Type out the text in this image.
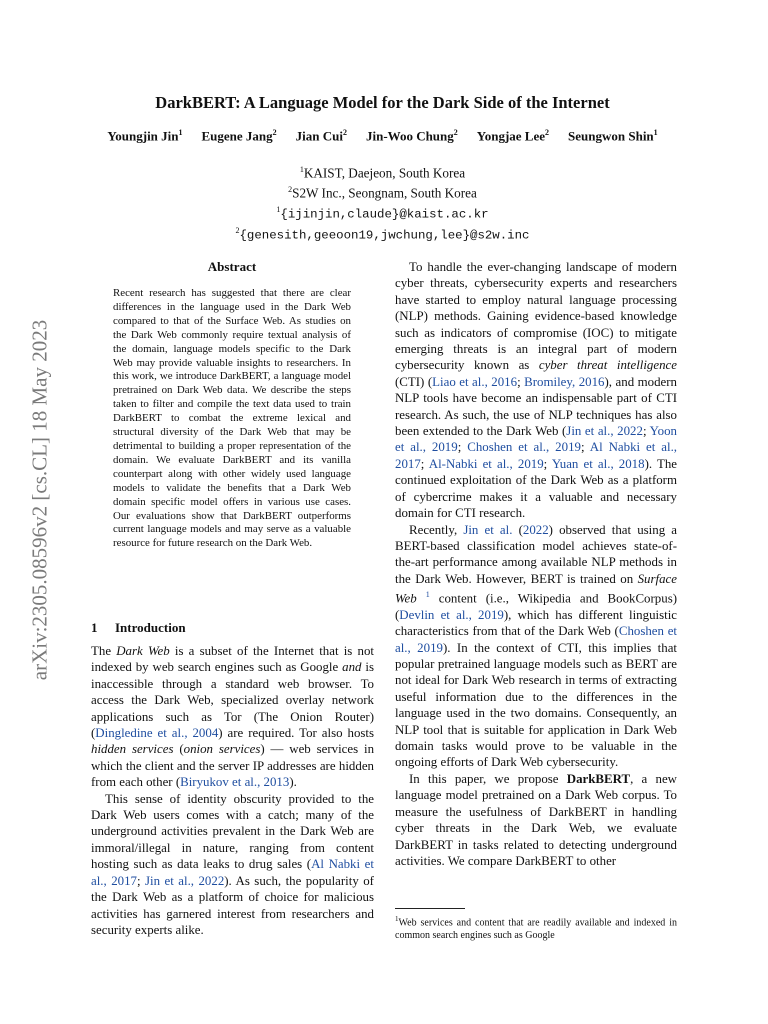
arXiv:2305.08596v2 [cs.CL] 18 May 2023
DarkBERT: A Language Model for the Dark Side of the Internet
Youngjin Jin$^1$ Eugene Jang$^2$ Jian Cui$^2$ Jin-Woo Chung$^2$ Yongjae Lee$^2$ Seungwon Shin$^1$
$^1$KAIST, Daejeon, South Korea
$^2$S2W Inc., Seongnam, South Korea
$^1${ijinjin,claude}@kaist.ac.kr
$^2${genesith,geeoon19,jwchung,lee}@s2w.inc
Abstract
Recent research has suggested that there are clear differences in the language used in the Dark Web compared to that of the Surface Web. As studies on the Dark Web commonly require textual analysis of the domain, language models specific to the Dark Web may provide valuable insights to researchers. In this work, we introduce DarkBERT, a language model pretrained on Dark Web data. We describe the steps taken to filter and compile the text data used to train DarkBERT to combat the extreme lexical and structural diversity of the Dark Web that may be detrimental to building a proper representation of the domain. We evaluate DarkBERT and its vanilla counterpart along with other widely used language models to validate the benefits that a Dark Web domain specific model offers in various use cases. Our evaluations show that DarkBERT outperforms current language models and may serve as a valuable resource for future research on the Dark Web.
1 Introduction

The Dark Web is a subset of the Internet that is not indexed by web search engines such as Google and is inaccessible through a standard web browser. To access the Dark Web, specialized overlay network applications such as Tor (The Onion Router) (Dingledine et al., 2004) are required. Tor also hosts hidden services (onion services) — web services in which the client and the server IP addresses are hidden from each other (Biryukov et al., 2013).

This sense of identity obscurity provided to the Dark Web users comes with a catch; many of the underground activities prevalent in the Dark Web are immoral/illegal in nature, ranging from content hosting such as data leaks to drug sales (Al Nabki et al., 2017; Jin et al., 2022). As such, the popularity of the Dark Web as a platform of choice for malicious activities has garnered interest from researchers and security experts alike.

To handle the ever-changing landscape of modern cyber threats, cybersecurity experts and researchers have started to employ natural language processing (NLP) methods. Gaining evidence-based knowledge such as indicators of compromise (IOC) to mitigate emerging threats is an integral part of modern cybersecurity known as cyber threat intelligence (CTI) (Liao et al., 2016; Bromiley, 2016), and modern NLP tools have become an indispensable part of CTI research. As such, the use of NLP techniques has also been extended to the Dark Web (Jin et al., 2022; Yoon et al., 2019; Choshen et al., 2019; Al Nabki et al., 2017; Al-Nabki et al., 2019; Yuan et al., 2018). The continued exploitation of the Dark Web as a platform of cybercrime makes it a valuable and necessary domain for CTI research.

Recently, Jin et al. (2022) observed that using a BERT-based classification model achieves state-of-the-art performance among available NLP methods in the Dark Web. However, BERT is trained on Surface Web $^1$ content (i.e., Wikipedia and BookCorpus) (Devlin et al., 2019), which has different linguistic characteristics from that of the Dark Web (Choshen et al., 2019). In the context of CTI, this implies that popular pretrained language models such as BERT are not ideal for Dark Web research in terms of extracting useful information due to the differences in the language used in the two domains. Consequently, an NLP tool that is suitable for application in Dark Web domain tasks would prove to be valuable in the ongoing efforts of Dark Web cybersecurity.

In this paper, we propose DarkBERT, a new language model pretrained on a Dark Web corpus. To measure the usefulness of DarkBERT in handling cyber threats in the Dark Web, we evaluate DarkBERT in tasks related to detecting underground activities. We compare DarkBERT to other

$^1$Web services and content that are readily available and indexed in common search engines such as Google
